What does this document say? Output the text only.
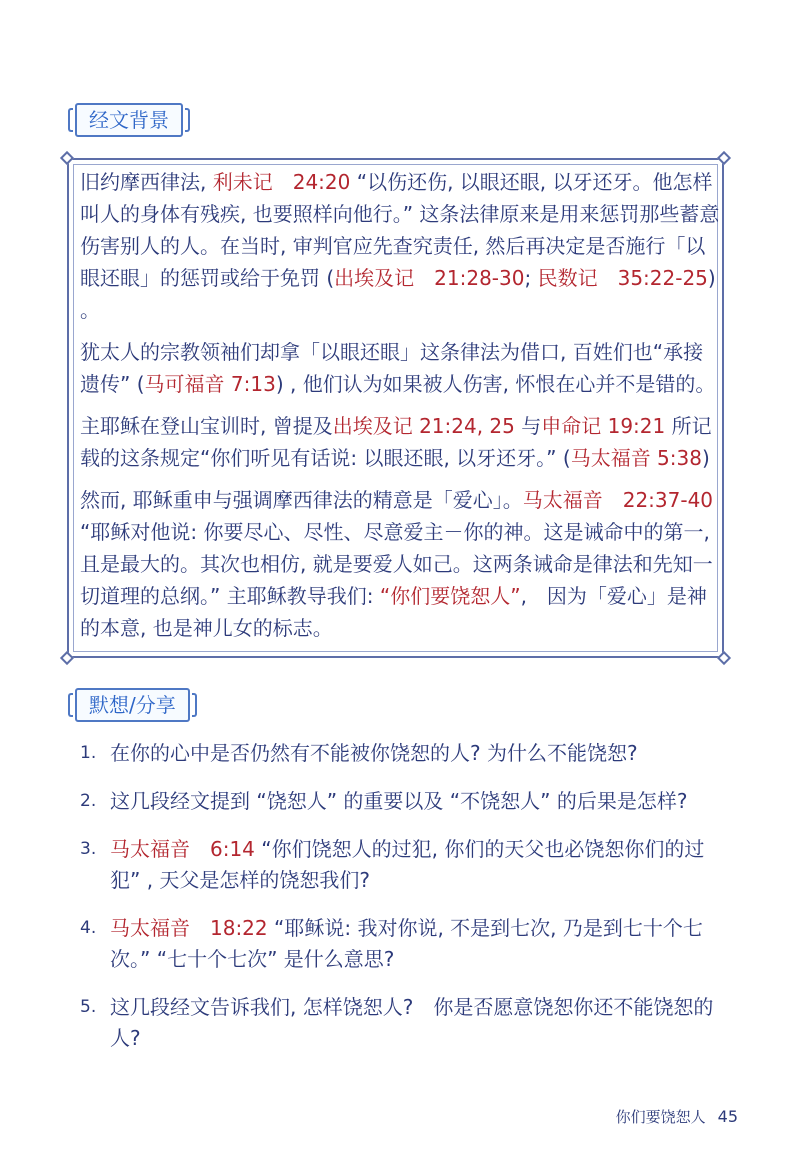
经文背景

旧约摩西律法, 利未记　24:20 “以伤还伤, 以眼还眼, 以牙还牙。他怎样叫人的身体有残疾, 也要照样向他行。” 这条法律原来是用来惩罚那些蓄意伤害别人的人。在当时, 审判官应先查究责任, 然后再决定是否施行「以眼还眼」的惩罚或给于免罚 (出埃及记　21:28-30; 民数记　35:22-25) 。

犹太人的宗教领袖们却拿「以眼还眼」这条律法为借口, 百姓们也“承接遗传” (马可福音 7:13) , 他们认为如果被人伤害, 怀恨在心并不是错的。

主耶稣在登山宝训时, 曾提及出埃及记 21:24, 25 与申命记 19:21 所记载的这条规定“你们听见有话说: 以眼还眼, 以牙还牙。” (马太福音 5:38)

然而, 耶稣重申与强调摩西律法的精意是「爱心」。马太福音　22:37-40 “耶稣对他说: 你要尽心、尽性、尽意爱主－你的神。这是诫命中的第一, 且是最大的。其次也相仿, 就是要爱人如己。这两条诫命是律法和先知一切道理的总纲。” 主耶稣教导我们: “你们要饶恕人”,　因为「爱心」是神的本意, 也是神儿女的标志。

默想/分享
1. 在你的心中是否仍然有不能被你饶恕的人? 为什么不能饶恕?
2. 这几段经文提到 “饶恕人” 的重要以及 “不饶恕人” 的后果是怎样?
3. 马太福音　6:14 “你们饶恕人的过犯, 你们的天父也必饶恕你们的过犯” , 天父是怎样的饶恕我们?
4. 马太福音　18:22 “耶稣说: 我对你说, 不是到七次, 乃是到七十个七次。” “七十个七次” 是什么意思?
5. 这几段经文告诉我们, 怎样饶恕人?　你是否愿意饶恕你还不能饶恕的人?
你们要饶恕人 45
